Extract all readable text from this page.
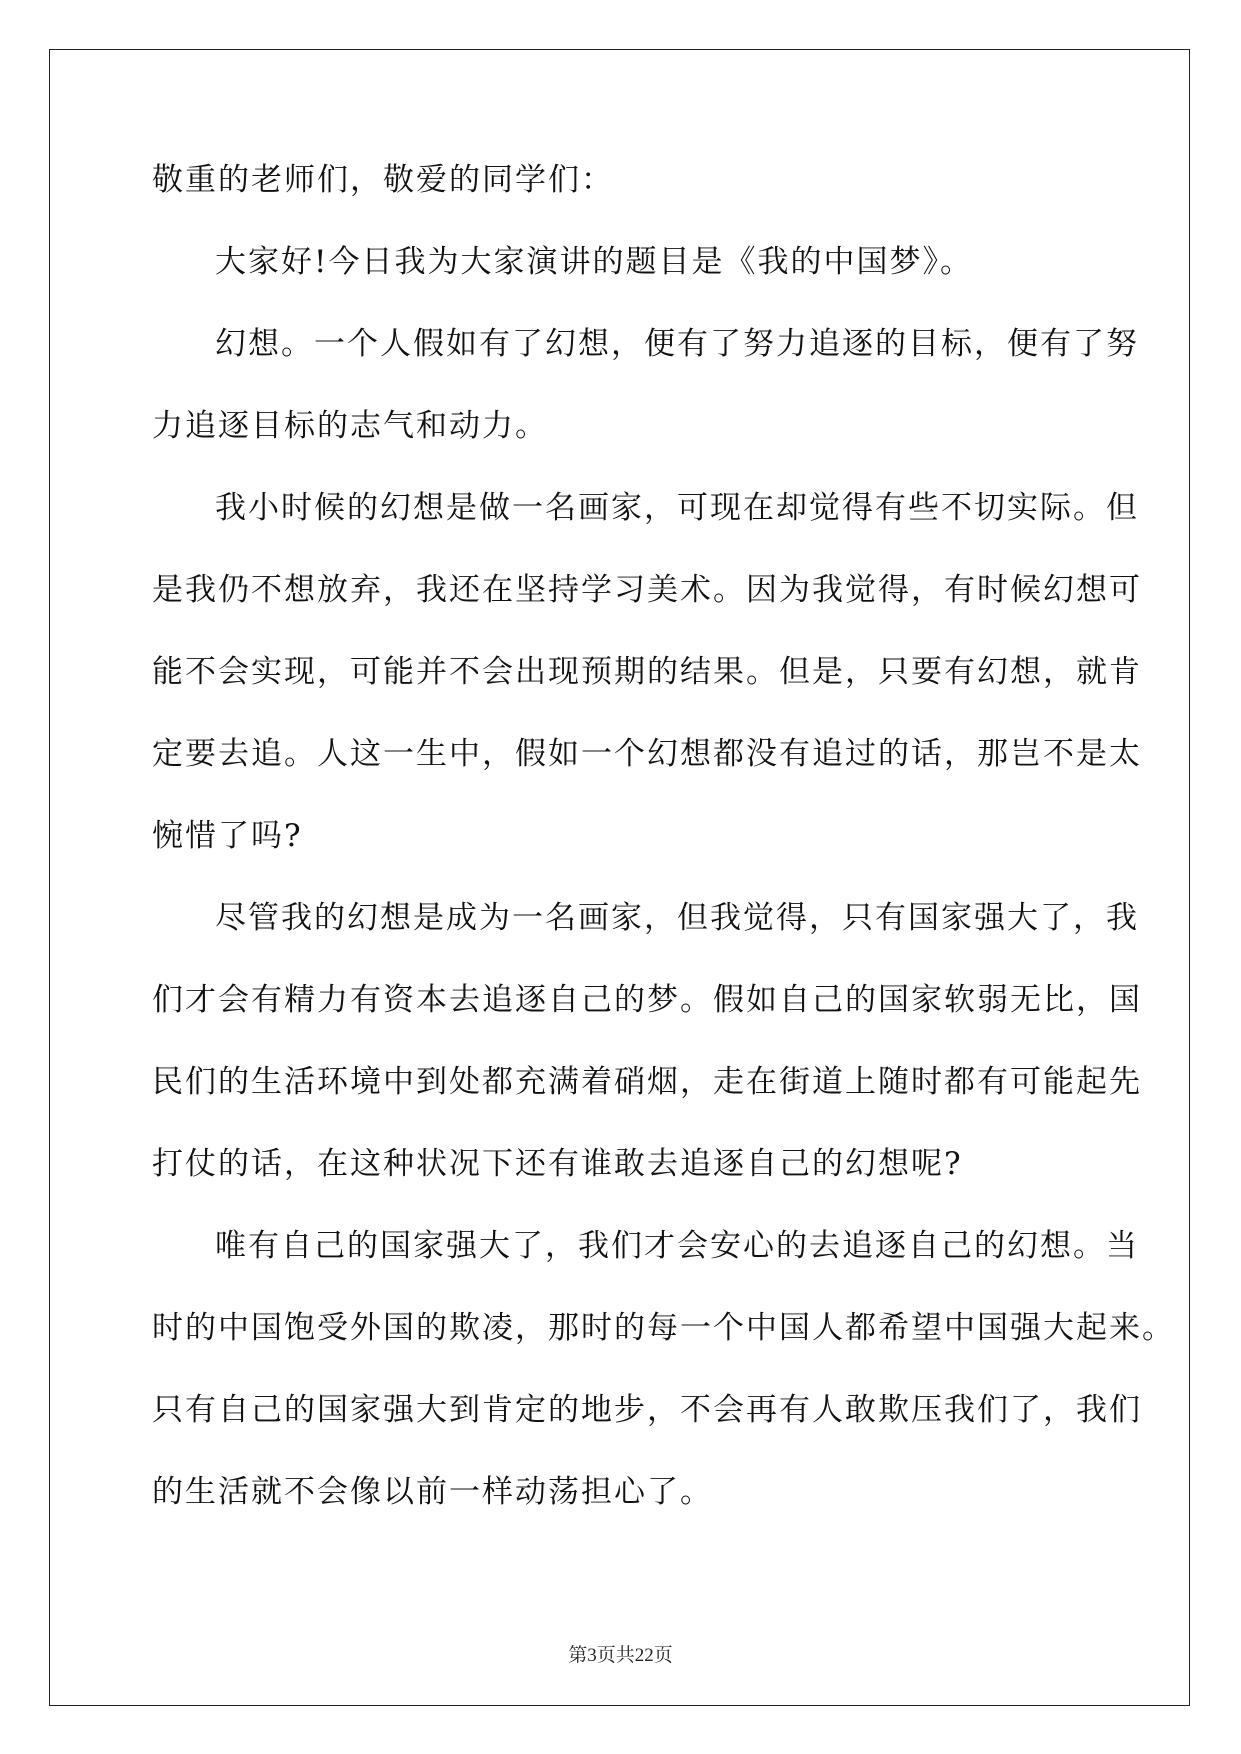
敬重的老师们，敬爱的同学们：
大家好!今日我为大家演讲的题目是《我的中国梦》。
幻想。一个人假如有了幻想，便有了努力追逐的目标，便有了努
力追逐目标的志气和动力。
我小时候的幻想是做一名画家，可现在却觉得有些不切实际。但
是我仍不想放弃，我还在坚持学习美术。因为我觉得，有时候幻想可
能不会实现，可能并不会出现预期的结果。但是，只要有幻想，就肯
定要去追。人这一生中，假如一个幻想都没有追过的话，那岂不是太
惋惜了吗?
尽管我的幻想是成为一名画家，但我觉得，只有国家强大了，我
们才会有精力有资本去追逐自己的梦。假如自己的国家软弱无比，国
民们的生活环境中到处都充满着硝烟，走在街道上随时都有可能起先
打仗的话，在这种状况下还有谁敢去追逐自己的幻想呢?
唯有自己的国家强大了，我们才会安心的去追逐自己的幻想。当
时的中国饱受外国的欺凌，那时的每一个中国人都希望中国强大起来。
只有自己的国家强大到肯定的地步，不会再有人敢欺压我们了，我们
的生活就不会像以前一样动荡担心了。
第3页共22页
